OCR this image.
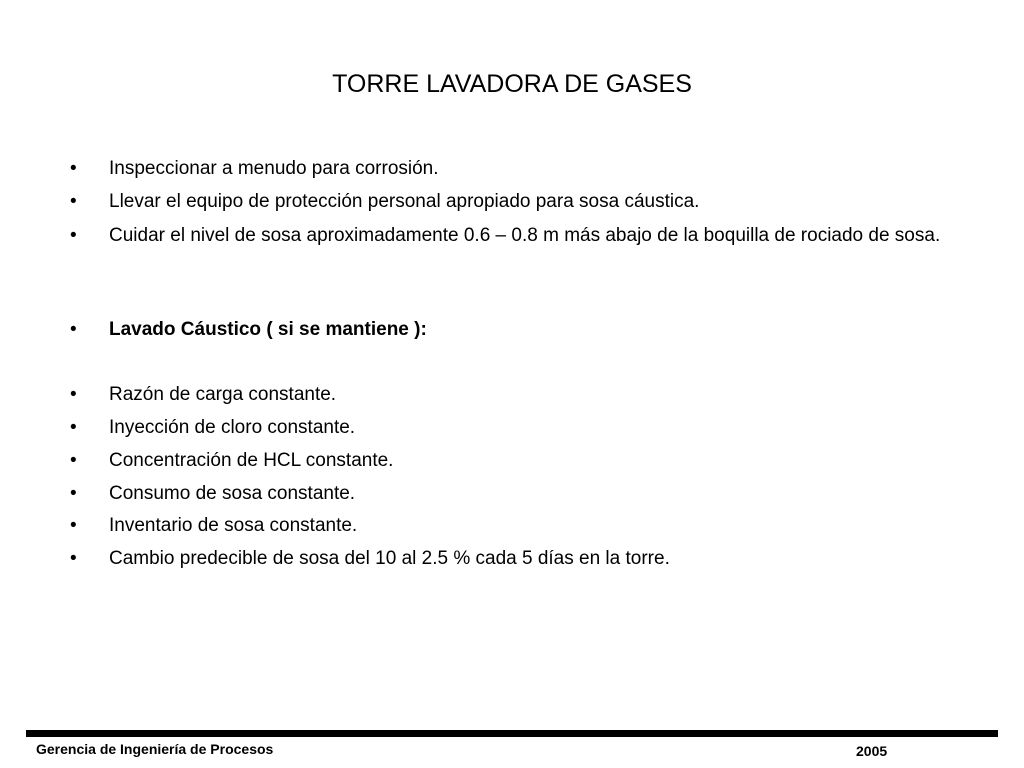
TORRE LAVADORA DE GASES
•	Inspeccionar a menudo para corrosión.
•	Llevar el equipo de protección personal apropiado para sosa cáustica.
•	Cuidar el nivel de sosa aproximadamente 0.6 – 0.8 m más abajo de la boquilla de rociado de sosa.
•	Lavado Cáustico ( si se mantiene ):
•	Razón de carga constante.
•	Inyección de cloro constante.
•	Concentración de HCL constante.
•	Consumo de sosa constante.
•	Inventario de sosa constante.
•	Cambio predecible de sosa del 10 al 2.5 % cada 5 días en la torre.
Gerencia de Ingeniería de Procesos	2005
